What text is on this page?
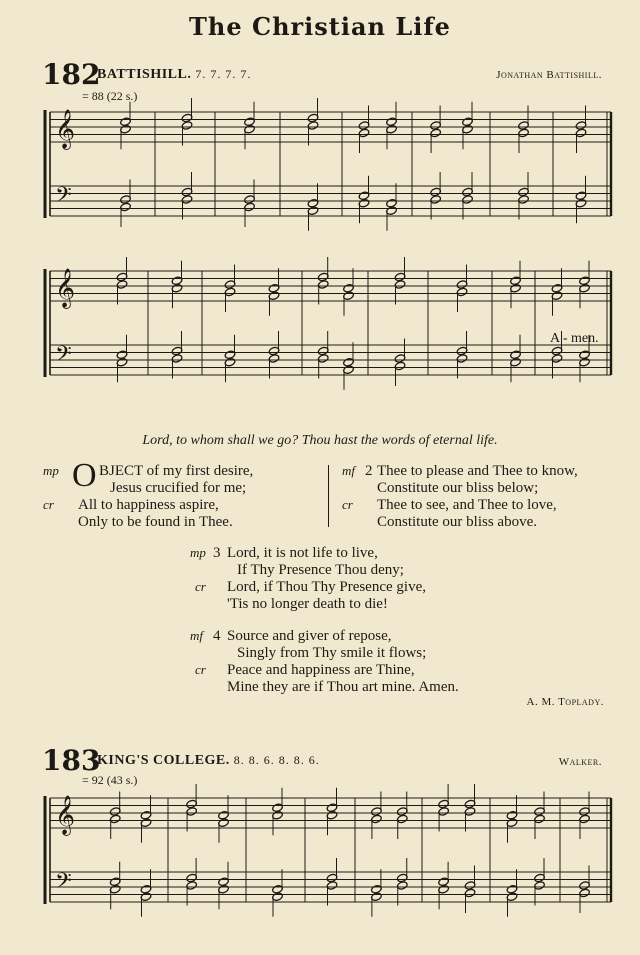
The Christian Life
182
BATTISHILL. 7. 7. 7. 7.	Jonathan Battishill.
= 88 (22 s.)
𝄞
𝄢
𝄞
𝄢
𝄞
𝄢
A - men.
Lord, to whom shall we go? Thou hast the words of eternal life.
mp O BJECT of my first desire,
Jesus crucified for me;
cr All to happiness aspire,
Only to be found in Thee.
mf 2 Thee to please and Thee to know,
Constitute our bliss below;
cr Thee to see, and Thee to love,
Constitute our bliss above.
mp 3 Lord, it is not life to live,
If Thy Presence Thou deny;
cr Lord, if Thou Thy Presence give,
'Tis no longer death to die!
mf 4 Source and giver of repose,
Singly from Thy smile it flows;
cr Peace and happiness are Thine,
Mine they are if Thou art mine. Amen.
A. M. Toplady.
183
KING'S COLLEGE. 8. 8. 6. 8. 8. 6.	Walker.
= 92 (43 s.)
